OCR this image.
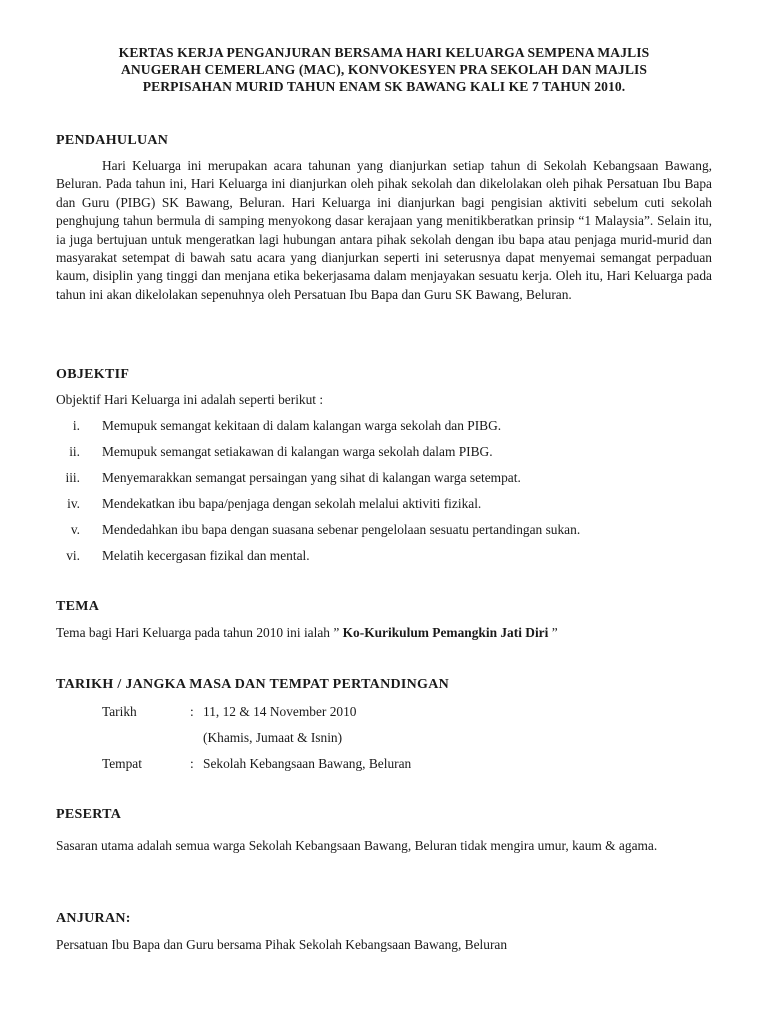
KERTAS KERJA PENGANJURAN BERSAMA HARI KELUARGA SEMPENA MAJLIS
ANUGERAH CEMERLANG (MAC), KONVOKESYEN PRA SEKOLAH DAN MAJLIS
PERPISAHAN MURID TAHUN ENAM SK BAWANG KALI KE 7 TAHUN 2010.
PENDAHULUAN
Hari Keluarga ini merupakan acara tahunan yang dianjurkan setiap tahun di Sekolah Kebangsaan Bawang, Beluran. Pada tahun ini, Hari Keluarga ini dianjurkan oleh pihak sekolah dan dikelolakan oleh pihak Persatuan Ibu Bapa dan Guru (PIBG) SK Bawang, Beluran. Hari Keluarga ini dianjurkan bagi pengisian aktiviti sebelum cuti sekolah penghujung tahun bermula di samping menyokong dasar kerajaan yang menitikberatkan prinsip “1 Malaysia”. Selain itu, ia juga bertujuan untuk mengeratkan lagi hubungan antara pihak sekolah dengan ibu bapa atau penjaga murid-murid dan masyarakat setempat di bawah satu acara yang dianjurkan seperti ini seterusnya dapat menyemai semangat perpaduan kaum, disiplin yang tinggi dan menjana etika bekerjasama dalam menjayakan sesuatu kerja. Oleh itu, Hari Keluarga pada tahun ini akan dikelolakan sepenuhnya oleh Persatuan Ibu Bapa dan Guru SK Bawang, Beluran.
OBJEKTIF
Objektif Hari Keluarga ini adalah seperti berikut :
i. Memupuk semangat kekitaan di dalam kalangan warga sekolah dan PIBG.
ii. Memupuk semangat setiakawan di kalangan warga sekolah dalam PIBG.
iii. Menyemarakkan semangat persaingan yang sihat di kalangan warga setempat.
iv. Mendekatkan ibu bapa/penjaga dengan sekolah melalui aktiviti fizikal.
v. Mendedahkan ibu bapa dengan suasana sebenar pengelolaan sesuatu pertandingan sukan.
vi. Melatih kecergasan fizikal dan mental.
TEMA
Tema bagi Hari Keluarga pada tahun 2010 ini ialah ” Ko-Kurikulum Pemangkin Jati Diri ”
TARIKH / JANGKA MASA DAN TEMPAT PERTANDINGAN
Tarikh	: 11, 12 & 14 November 2010
(Khamis, Jumaat & Isnin)
Tempat	: Sekolah Kebangsaan Bawang, Beluran
PESERTA
Sasaran utama adalah semua warga Sekolah Kebangsaan Bawang, Beluran tidak mengira umur, kaum & agama.
ANJURAN:
Persatuan Ibu Bapa dan Guru bersama Pihak Sekolah Kebangsaan Bawang, Beluran
